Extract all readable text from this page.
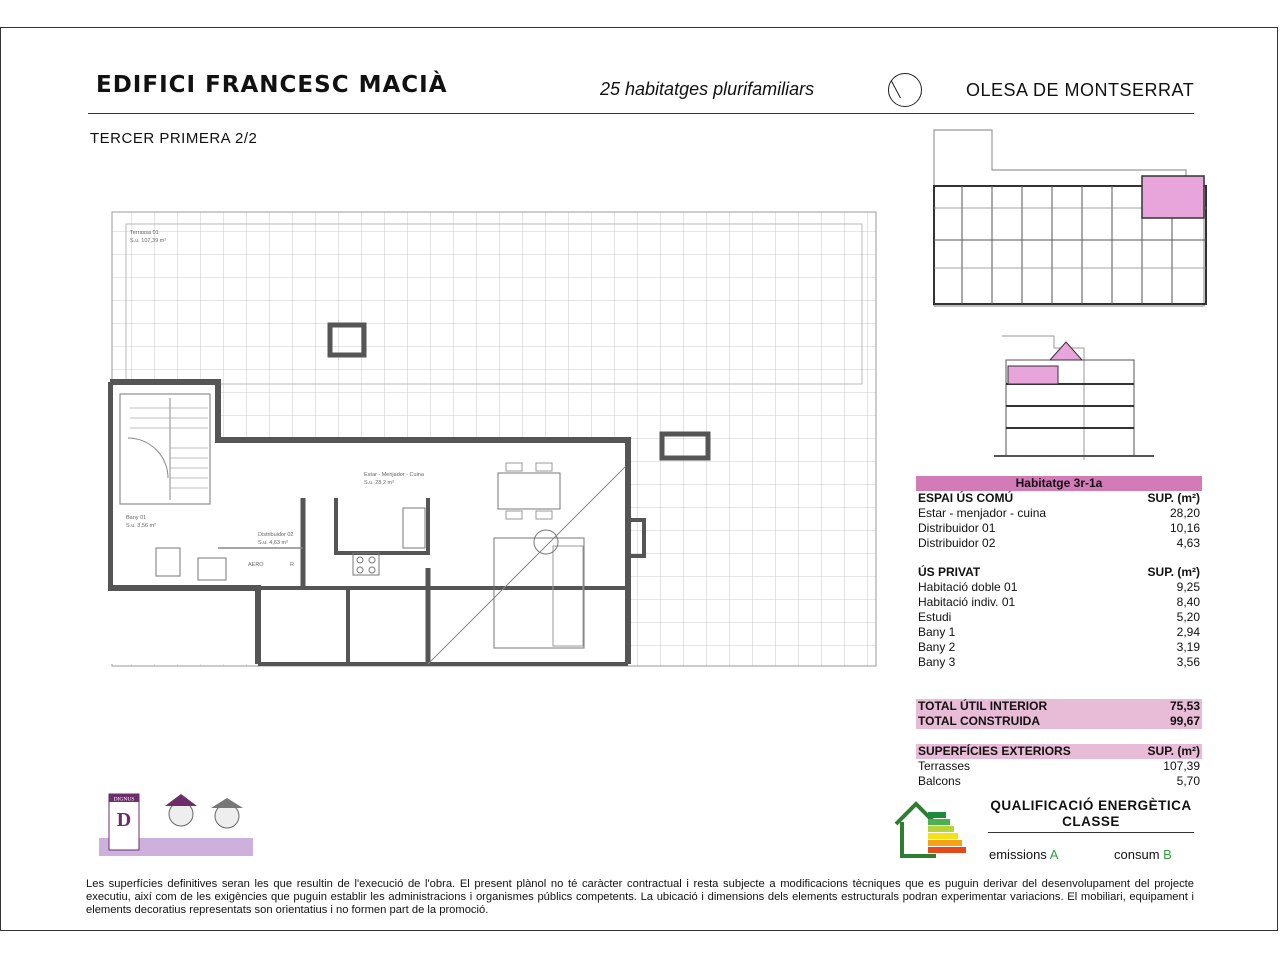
EDIFICI FRANCESC MACIÀ	25 habitatges plurifamiliars	OLESA DE MONTSERRAT
TERCER PRIMERA 2/2
Terrassa 01
S.u. 107,39 m²
Estar - Menjador - Cuina
S.u. 28,2 m²
Distribuidor 02
S.u. 4,63 m²
Bany 01
S.u. 3,56 m²
AERO	R
Habitatge 3r-1a
ESPAI ÚS COMÚ	SUP. (m²)
Estar - menjador - cuina	28,20
Distribuidor 01	10,16
Distribuidor 02	4,63
ÚS PRIVAT	SUP. (m²)
Habitació doble 01	9,25
Habitació indiv. 01	8,40
Estudi	5,20
Bany 1	2,94
Bany 2	3,19
Bany 3	3,56
TOTAL ÚTIL INTERIOR	75,53
TOTAL CONSTRUIDA	99,67
SUPERFÍCIES EXTERIORS	SUP. (m²)
Terrasses	107,39
Balcons	5,70
QUALIFICACIÓ ENERGÈTICA
CLASSE
emissions A	consum B
DIGNUS
D
Les superfícies definitives seran les que resultin de l'execució de l'obra. El present plànol no té caràcter contractual i resta subjecte a modificacions tècniques que es puguin derivar del desenvolupament del projecte executiu, així com de les exigències que puguin establir les administracions i organismes públics competents. La ubicació i dimensions dels elements estructurals podran experimentar variacions. El mobiliari, equipament i elements decoratius representats son orientatius i no formen part de la promoció.
